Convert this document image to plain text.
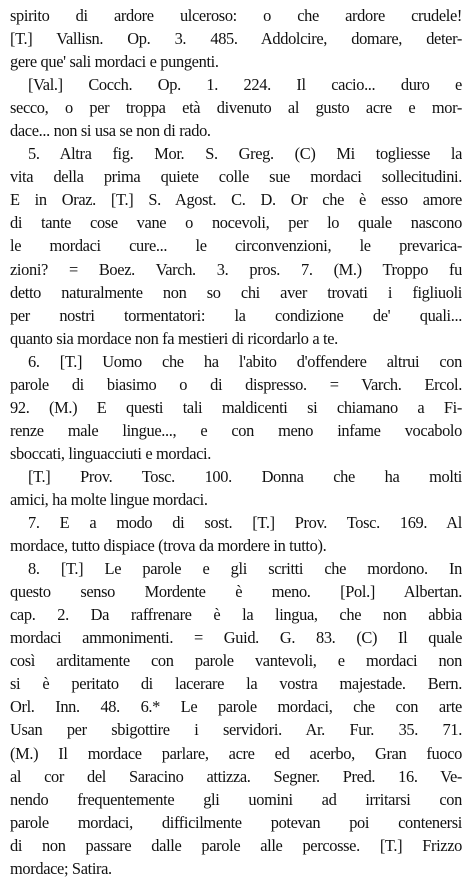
spirito di ardore ulceroso: o che ardore crudele!
[T.] Vallisn. Op. 3. 485. Addolcire, domare, deter-
gere que' sali mordaci e pungenti.
[Val.] Cocch. Op. 1. 224. Il cacio... duro e
secco, o per troppa età divenuto al gusto acre e mor-
dace... non si usa se non di rado.
5. Altra fig. Mor. S. Greg. (C) Mi togliesse la
vita della prima quiete colle sue mordaci sollecitudini.
E in Oraz. [T.] S. Agost. C. D. Or che è esso amore
di tante cose vane o nocevoli, per lo quale nascono
le mordaci cure... le circonvenzioni, le prevarica-
zioni? = Boez. Varch. 3. pros. 7. (M.) Troppo fu
detto naturalmente non so chi aver trovati i figliuoli
per nostri tormentatori: la condizione de' quali...
quanto sia mordace non fa mestieri di ricordarlo a te.
6. [T.] Uomo che ha l'abito d'offendere altrui con
parole di biasimo o di dispresso. = Varch. Ercol.
92. (M.) E questi tali maldicenti si chiamano a Fi-
renze male lingue..., e con meno infame vocabolo
sboccati, linguacciuti e mordaci.
[T.] Prov. Tosc. 100. Donna che ha molti
amici, ha molte lingue mordaci.
7. E a modo di sost. [T.] Prov. Tosc. 169. Al
mordace, tutto dispiace (trova da mordere in tutto).
8. [T.] Le parole e gli scritti che mordono. In
questo senso Mordente è meno. [Pol.] Albertan.
cap. 2. Da raffrenare è la lingua, che non abbia
mordaci ammonimenti. = Guid. G. 83. (C) Il quale
così arditamente con parole vantevoli, e mordaci non
si è peritato di lacerare la vostra majestade. Bern.
Orl. Inn. 48. 6.* Le parole mordaci, che con arte
Usan per sbigottire i servidori. Ar. Fur. 35. 71.
(M.) Il mordace parlare, acre ed acerbo, Gran fuoco
al cor del Saracino attizza. Segner. Pred. 16. Ve-
nendo frequentemente gli uomini ad irritarsi con
parole mordaci, difficilmente potevan poi contenersi
di non passare dalle parole alle percosse. [T.] Frizzo
mordace; Satira.
